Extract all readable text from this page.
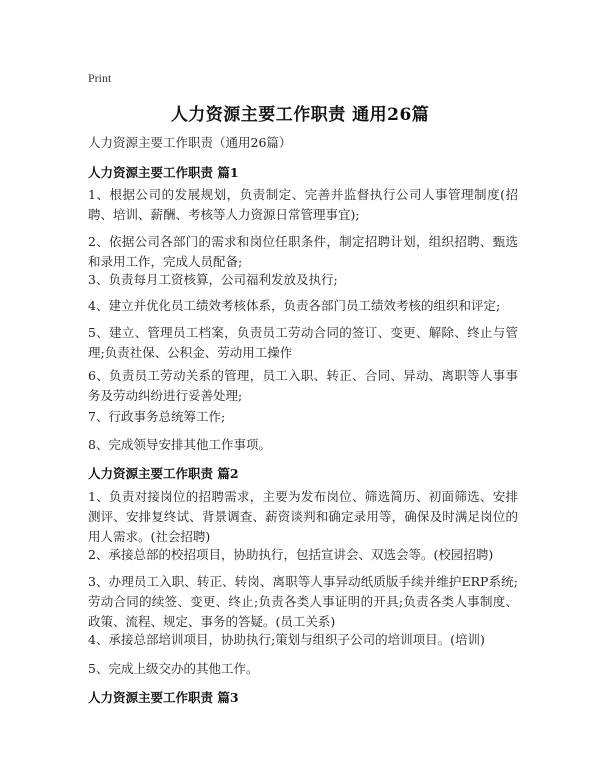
Print
人力资源主要工作职责 通用26篇
人力资源主要工作职责（通用26篇）
人力资源主要工作职责 篇1
1、根据公司的发展规划，负责制定、完善并监督执行公司人事管理制度(招聘、培训、薪酬、考核等人力资源日常管理事宜);
2、依据公司各部门的需求和岗位任职条件，制定招聘计划，组织招聘、甄选和录用工作，完成人员配备;
3、负责每月工资核算，公司福利发放及执行;
4、建立并优化员工绩效考核体系，负责各部门员工绩效考核的组织和评定;
5、建立、管理员工档案，负责员工劳动合同的签订、变更、解除、终止与管理;负责社保、公积金、劳动用工操作
6、负责员工劳动关系的管理，员工入职、转正、合同、异动、离职等人事事务及劳动纠纷进行妥善处理;
7、行政事务总统筹工作;
8、完成领导安排其他工作事项。
人力资源主要工作职责 篇2
1、负责对接岗位的招聘需求，主要为发布岗位、筛选简历、初面筛选、安排测评、安排复终试、背景调查、薪资谈判和确定录用等，确保及时满足岗位的用人需求。(社会招聘)
2、承接总部的校招项目，协助执行，包括宣讲会、双选会等。(校园招聘)
3、办理员工入职、转正、转岗、离职等人事异动纸质版手续并维护ERP系统;劳动合同的续签、变更、终止;负责各类人事证明的开具;负责各类人事制度、政策、流程、规定、事务的答疑。(员工关系)
4、承接总部培训项目，协助执行;策划与组织子公司的培训项目。(培训)
5、完成上级交办的其他工作。
人力资源主要工作职责 篇3
